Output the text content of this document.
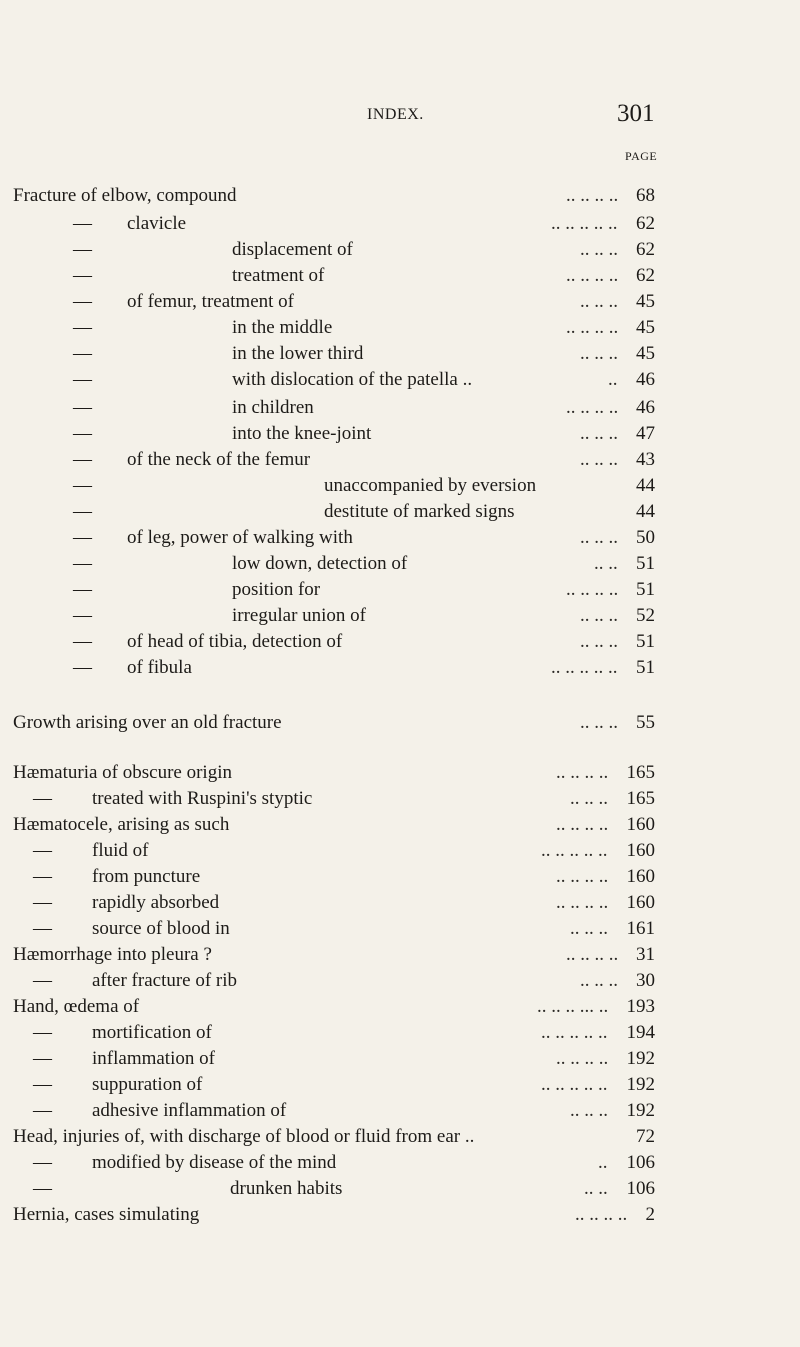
INDEX.	301
PAGE
Fracture of elbow, compound	68
.. .. .. ..
— clavicle	62
.. .. .. .. ..
—	displacement of	62
.. .. ..
—	treatment of	62
.. .. .. ..
— of femur, treatment of	45
.. .. ..
—	in the middle	45
.. .. .. ..
—	in the lower third	45
.. .. ..
—	with dislocation of the patella ..	46
..
—	in children	46
.. .. .. ..
—	into the knee-joint	47
.. .. ..
— of the neck of the femur	43
.. .. ..
—	unaccompanied by eversion	44
—	destitute of marked signs	44
— of leg, power of walking with	50
.. .. ..
—	low down, detection of	51
.. ..
—	position for	51
.. .. .. ..
—	irregular union of	52
.. .. ..
— of head of tibia, detection of	51
.. .. ..
— of fibula	51
.. .. .. .. ..
Growth arising over an old fracture	55
.. .. ..
Hæmaturia of obscure origin	165
.. .. .. ..
— treated with Ruspini's styptic	165
.. .. ..
Hæmatocele, arising as such	160
.. .. .. ..
— fluid of	160
.. .. .. .. ..
— from puncture	160
.. .. .. ..
— rapidly absorbed	160
.. .. .. ..
— source of blood in	161
.. .. ..
Hæmorrhage into pleura ?	31
.. .. .. ..
— after fracture of rib	30
.. .. ..
Hand, œdema of	193
.. .. .. ... ..
— mortification of	194
.. .. .. .. ..
— inflammation of	192
.. .. .. ..
— suppuration of	192
.. .. .. .. ..
— adhesive inflammation of	192
.. .. ..
Head, injuries of, with discharge of blood or fluid from ear ..	72
— modified by disease of the mind	106
..
—	drunken habits	106
.. ..
Hernia, cases simulating	2
.. .. .. ..
